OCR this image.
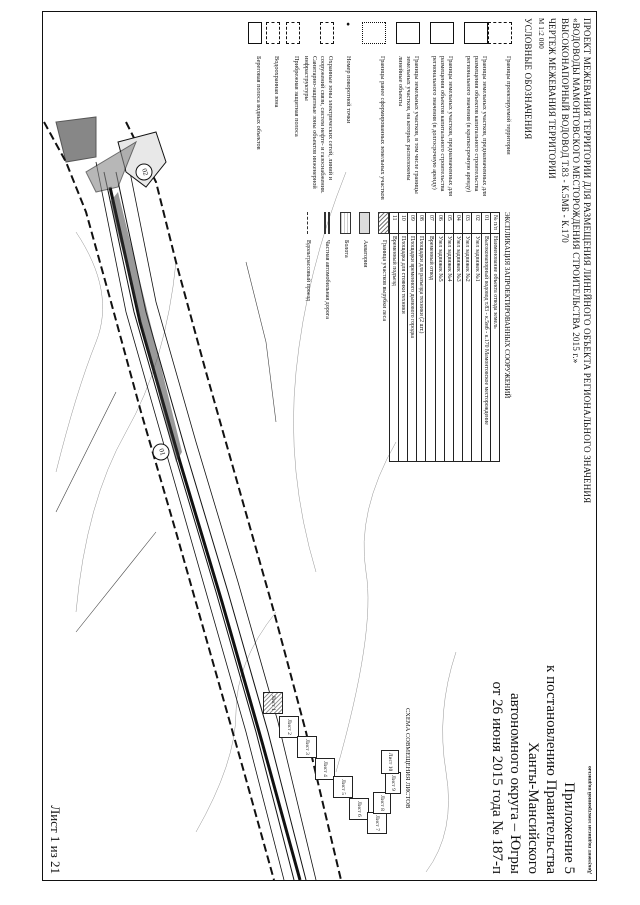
01
02	ПРОЕКТ МЕЖЕВАНИЯ ТЕРРИТОРИИ ДЛЯ РАЗМЕЩЕНИЯ ЛИНЕЙНОГО ОБЪЕКТА РЕГИОНАЛЬНОГО ЗНАЧЕНИЯ
«ВОДОВОДЫ МАМОНТОВСКОГО МЕСТОРОЖДЕНИЯ СТРОИТЕЛЬСТВА 2015 г.»
ВЫСОКОНАПОРНЫЙ ВОДОВОД Т.83 - К.5МБ - К.170
ЧЕРТЕЖ МЕЖЕВАНИЯ ТЕРРИТОРИИ
М 1:2 000
УСЛОВНЫЕ ОБОЗНАЧЕНИЯ
Документ подписан электронной подписью
Приложение 5
к постановлению Правительства
Ханты-Мансийского
автономного округа – Югры
от 26 июня 2015 года № 187-п
Границы проектируемой территории
Границы земельных участков, предназначенных для размещения объектов капитального строительства регионального значения (в краткосрочную аренду)
Границы земельных участков, предназначенных для размещения объектов капитального строительства регионального значения (в долгосрочную аренду)
Границы земельных участков, в том числе границы земельных участков, на которых расположены линейные объекты
Границы ранее сформированных земельных участков
•
Номер поворотной точки
Охранные зоны электрических сетей, линий и сооружений связи, систем нефте- и газоснабжения. Санитарно-защитные зоны объектов инженерной инфраструктуры
Прибрежная защитная полоса
Водоохранная зона
Береговая полоса водных объектов
ЭКСПЛИКАЦИЯ ЗАПРОЕКТИРОВАННЫХ СООРУЖЕНИЙ
№ п/п	Наименование объекта отвода земель
01	Высоконапорный водовод т.83 - к.5мб - к.170 Мамонтовское месторождение
02	Узел задвижек №1
03	Узел задвижек №2
04	Узел задвижек №3
05	Узел задвижек №4
06	Узел задвижек №5
07	Временный отвод
08	Площадки для разъезда техники (2 шт.)
09	Площадки временного дымового городка
10	Площадка для стоянки техники
11	Временный подъезд
Граница участков вырубки леса
Акватории
Болота
Частная автомобильная дорога
Вдольтрассовый проезд
СХЕМА СОВМЕЩЕНИЯ ЛИСТОВ
Лист 1
Лист 2
Лист 3
Лист 4
Лист 5
Лист 6
Лист 7
Лист 8
Лист 9
Лист 10
Лист 1 из 21
